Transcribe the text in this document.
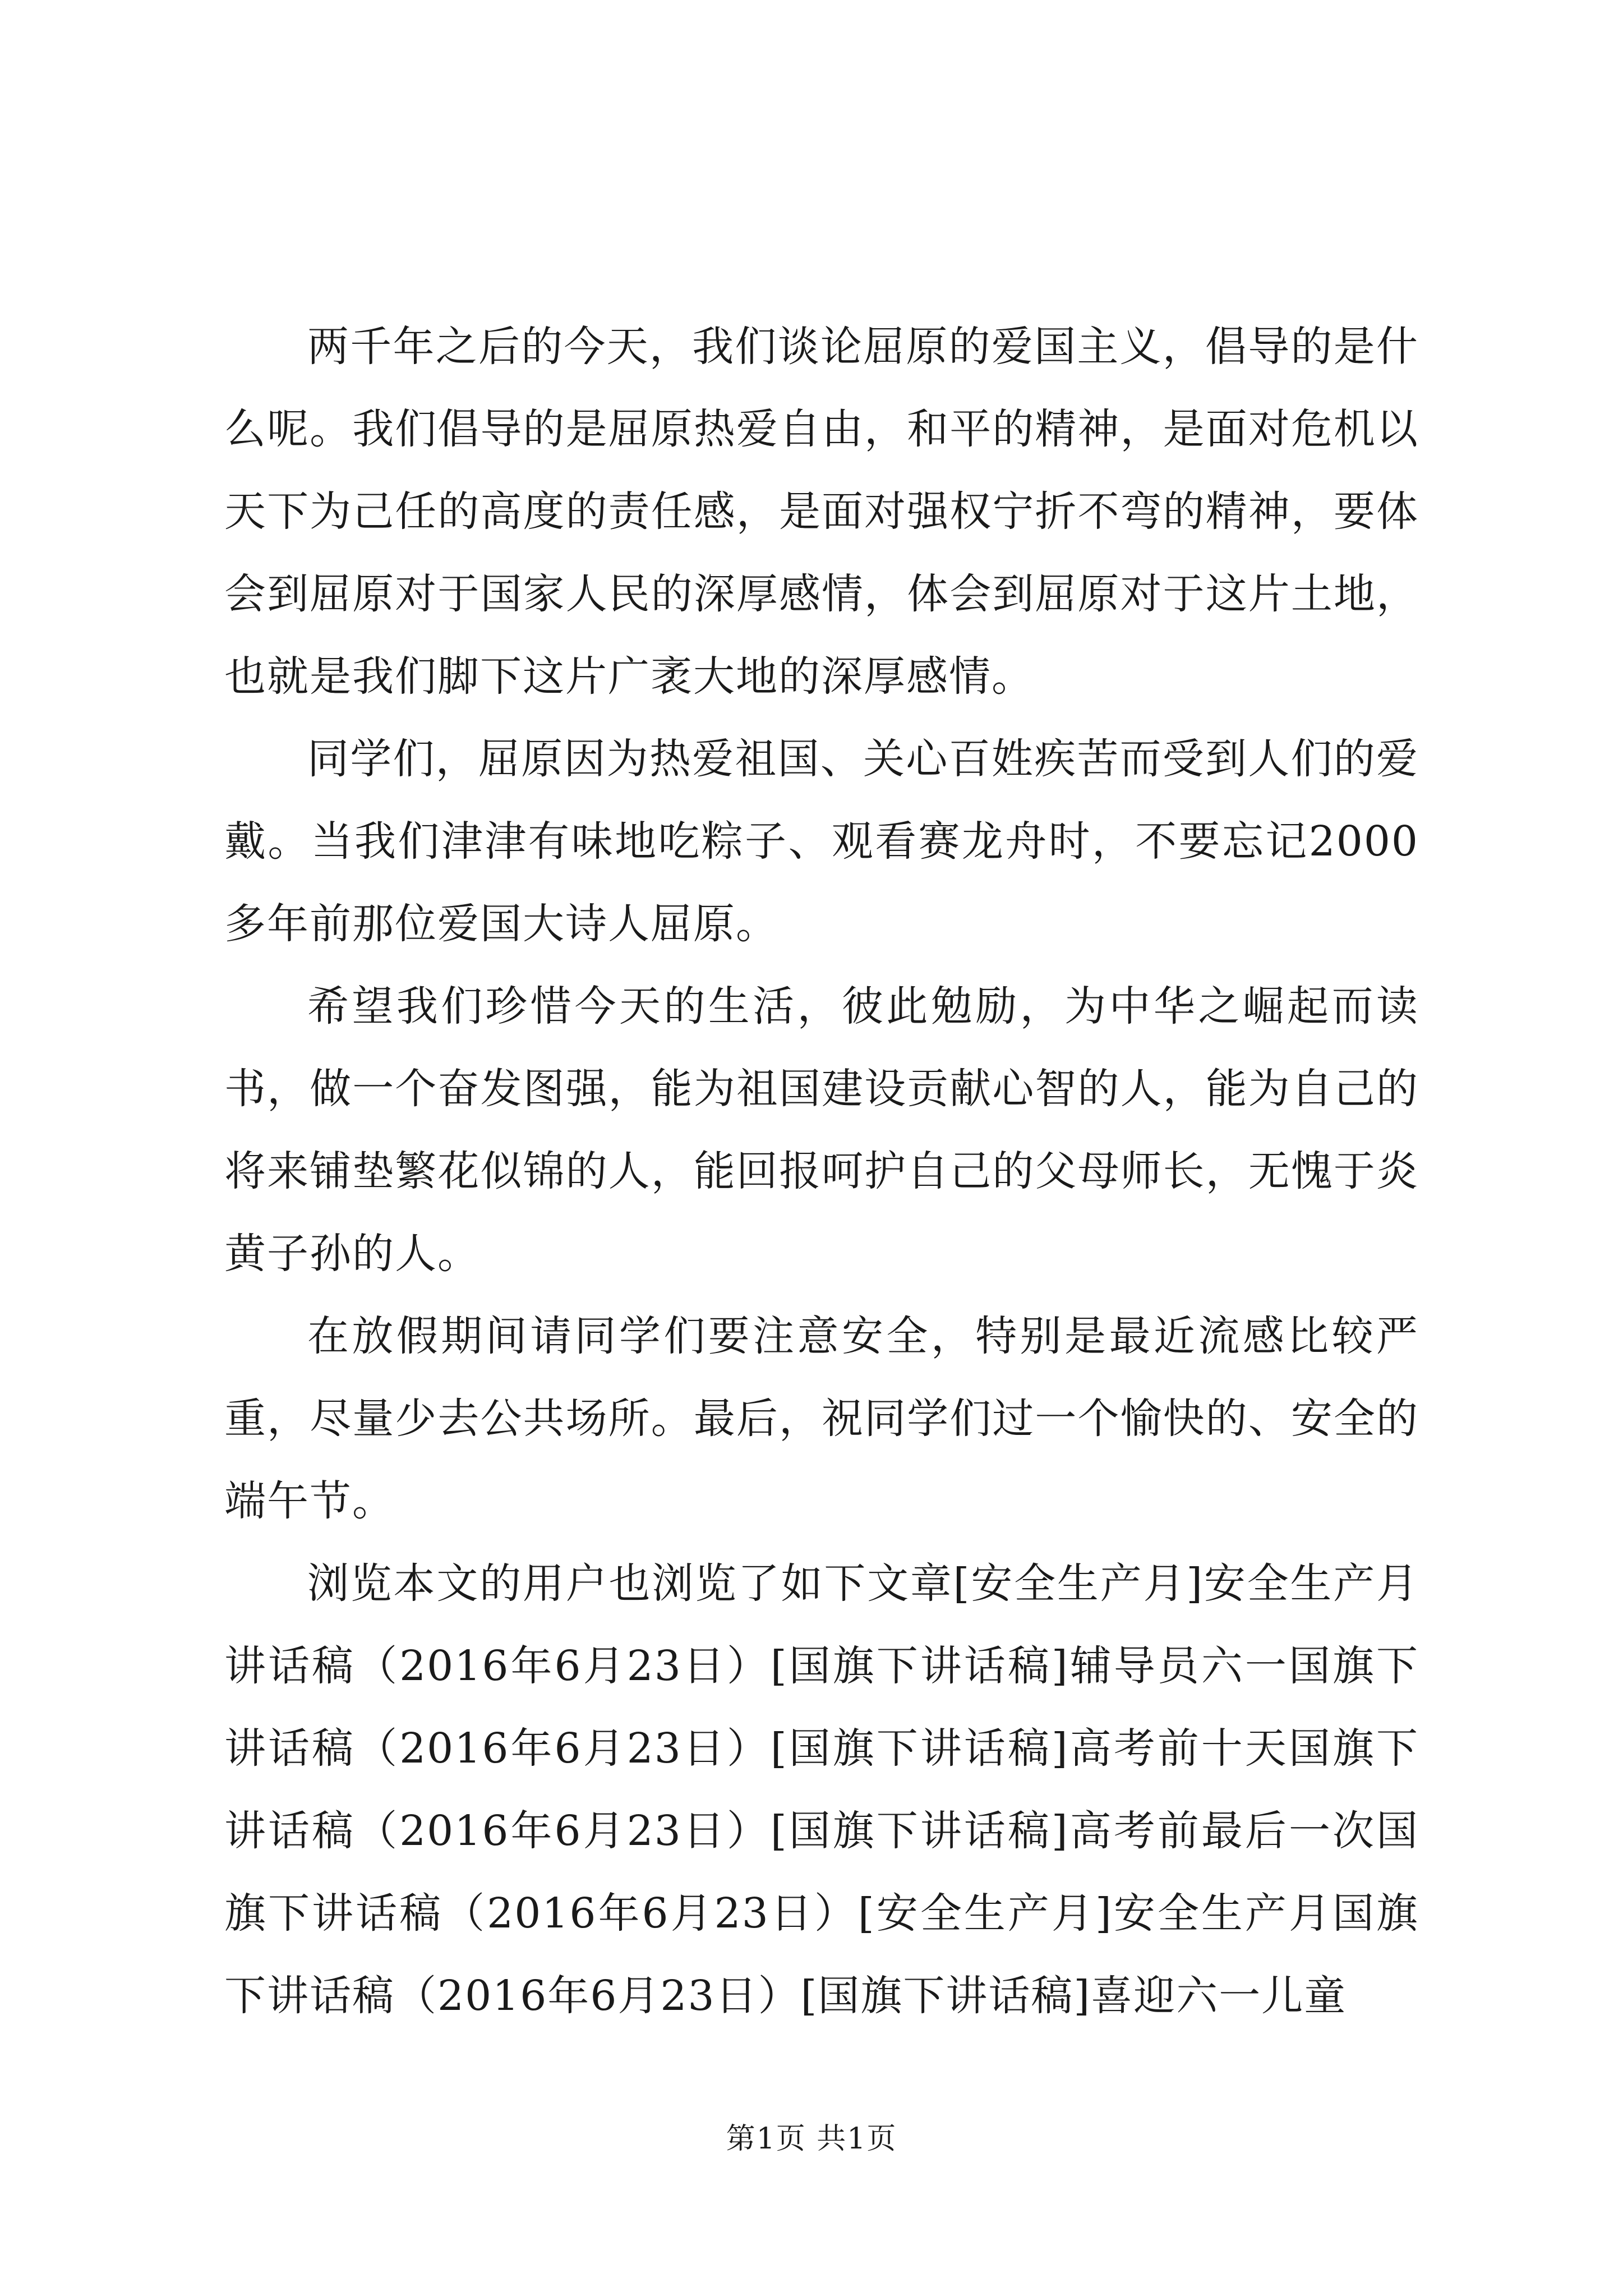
两千年之后的今天，我们谈论屈原的爱国主义，倡导的是什么呢。我们倡导的是屈原热爱自由，和平的精神，是面对危机以天下为己任的高度的责任感，是面对强权宁折不弯的精神，要体会到屈原对于国家人民的深厚感情，体会到屈原对于这片土地，也就是我们脚下这片广袤大地的深厚感情。

同学们，屈原因为热爱祖国、关心百姓疾苦而受到人们的爱戴。当我们津津有味地吃粽子、观看赛龙舟时，不要忘记2000多年前那位爱国大诗人屈原。

希望我们珍惜今天的生活，彼此勉励，为中华之崛起而读书，做一个奋发图强，能为祖国建设贡献心智的人，能为自己的将来铺垫繁花似锦的人，能回报呵护自己的父母师长，无愧于炎黄子孙的人。

在放假期间请同学们要注意安全，特别是最近流感比较严重，尽量少去公共场所。最后，祝同学们过一个愉快的、安全的端午节。

浏览本文的用户也浏览了如下文章[安全生产月]安全生产月讲话稿（2016年6月23日）[国旗下讲话稿]辅导员六一国旗下讲话稿（2016年6月23日）[国旗下讲话稿]高考前十天国旗下讲话稿（2016年6月23日）[国旗下讲话稿]高考前最后一次国旗下讲话稿（2016年6月23日）[安全生产月]安全生产月国旗下讲话稿（2016年6月23日）[国旗下讲话稿]喜迎六一儿童

第1页 共1页
